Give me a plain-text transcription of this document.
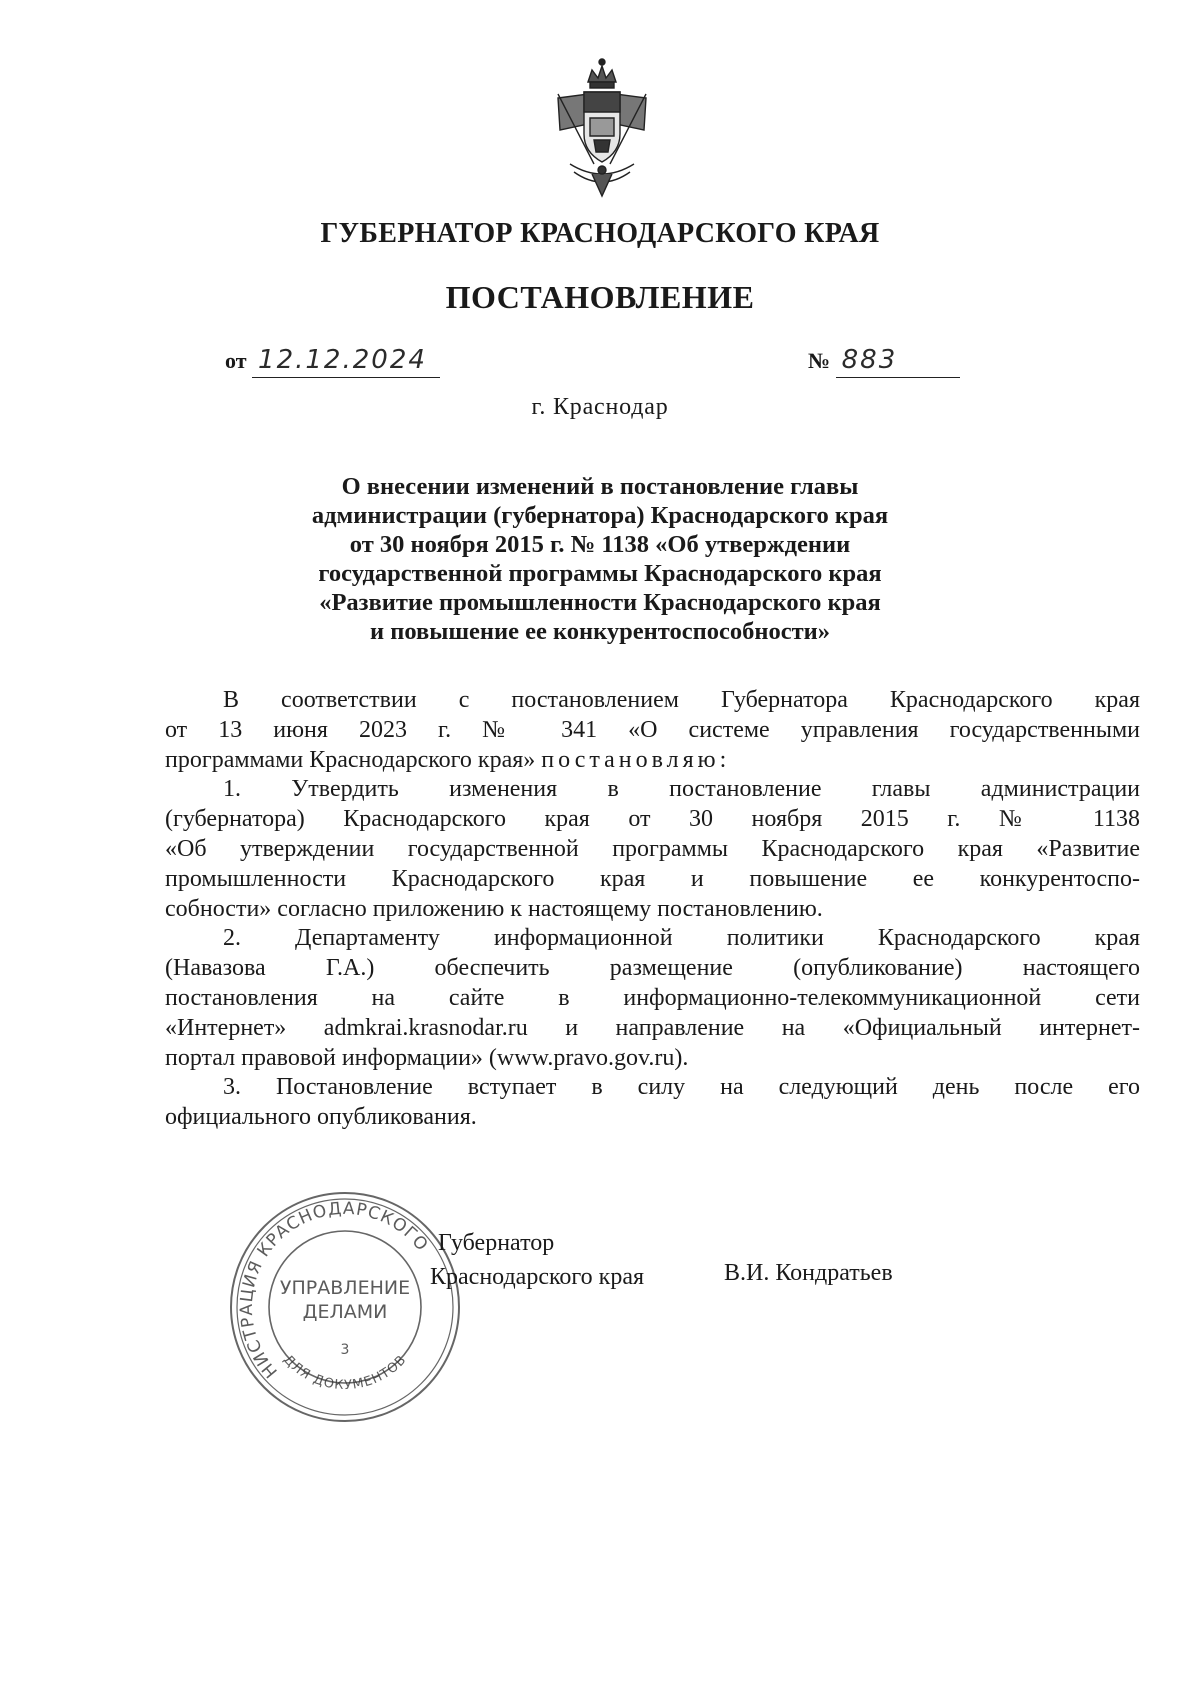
ГУБЕРНАТОР КРАСНОДАРСКОГО КРАЯ
ПОСТАНОВЛЕНИЕ
от 12.12.2024	№ 883
г. Краснодар
О внесении изменений в постановление главы
администрации (губернатора) Краснодарского края
от 30 ноября 2015 г. № 1138 «Об утверждении
государственной программы Краснодарского края
«Развитие промышленности Краснодарского края
и повышение ее конкурентоспособности»
В соответствии с постановлением Губернатора Краснодарского края
от 13 июня 2023 г. № 341 «О системе управления государственными
программами Краснодарского края» постановляю:
1. Утвердить изменения в постановление главы администрации
(губернатора) Краснодарского края от 30 ноября 2015 г. № 1138
«Об утверждении государственной программы Краснодарского края «Развитие
промышленности Краснодарского края и повышение ее конкурентоспо-
собности» согласно приложению к настоящему постановлению.
2. Департаменту информационной политики Краснодарского края
(Навазова Г.А.) обеспечить размещение (опубликование) настоящего
постановления на сайте в информационно-телекоммуникационной сети
«Интернет» admkrai.krasnodar.ru и направление на «Официальный интернет-
портал правовой информации» (www.pravo.gov.ru).
3. Постановление вступает в силу на следующий день после его
официального опубликования.
АДМИНИСТРАЦИЯ КРАСНОДАРСКОГО
ДЛЯ ДОКУМЕНТОВ
УПРАВЛЕНИЕ
ДЕЛАМИ
3
Губернатор
Краснодарского края	В.И. Кондратьев
